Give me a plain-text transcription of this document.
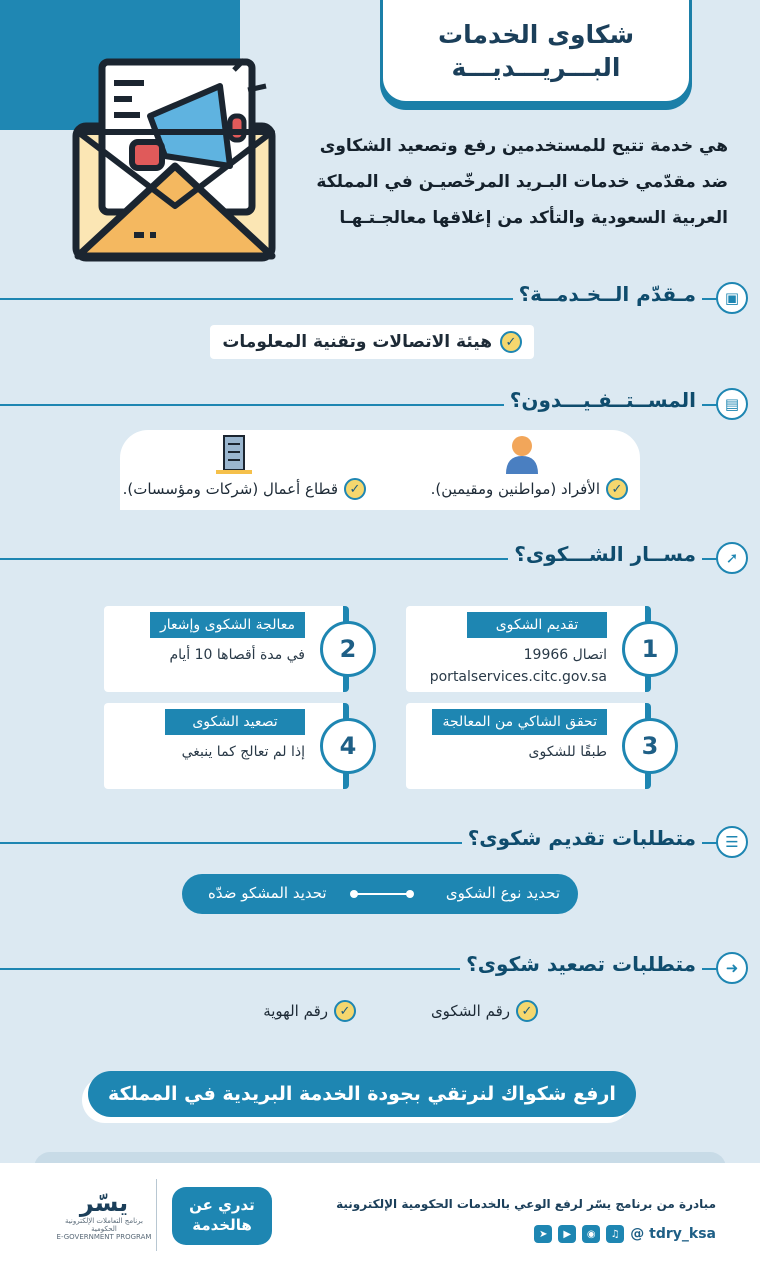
شكاوى الخدمات
البـــريـــديـــة
هي خدمة تتيح للمستخدمين رفع وتصعيد الشكاوى
ضد مقدّمي خدمات البـريد المرخّصيـن في المملكة
العربية السعودية والتأكد من إغلاقها معالجـتـهـا
مـقدّم الــخـدمــة؟	▣
✓
هيئة الاتصالات وتقنية المعلومات
المســتــفـيـــدون؟	▤
✓
الأفراد (مواطنين ومقيمين).
✓
قطاع أعمال (شركات ومؤسسات).
مســار الشـــكوى؟	➚
تقديم الشكوى
اتصال 19966
portalservices.citc.gov.sa
1
معالجة الشكوى وإشعار
في مدة أقصاها 10 أيام	2
تحقق الشاكي من المعالجة
طبقًا للشكوى	3
تصعيد الشكوى
إذا لم تعالج كما ينبغي	4
متطلبات تقديم شكوى؟	☰
تحديد نوع الشكوى
تحديد المشكو ضدّه
متطلبات تصعيد شكوى؟	➜
✓
رقم الشكوى
✓
رقم الهوية
ارفع شكواك لنرتقي بجودة الخدمة البريدية في المملكة
مبادرة من برنامج يسّر لرفع الوعي بالخدمات الحكومية الإلكترونية
➤	▶	◉	♫ @ tdry_ksa
تدري عن
هالخدمة
يسّر
برنامج التعاملات الإلكترونية الحكومية
E-GOVERNMENT PROGRAM
